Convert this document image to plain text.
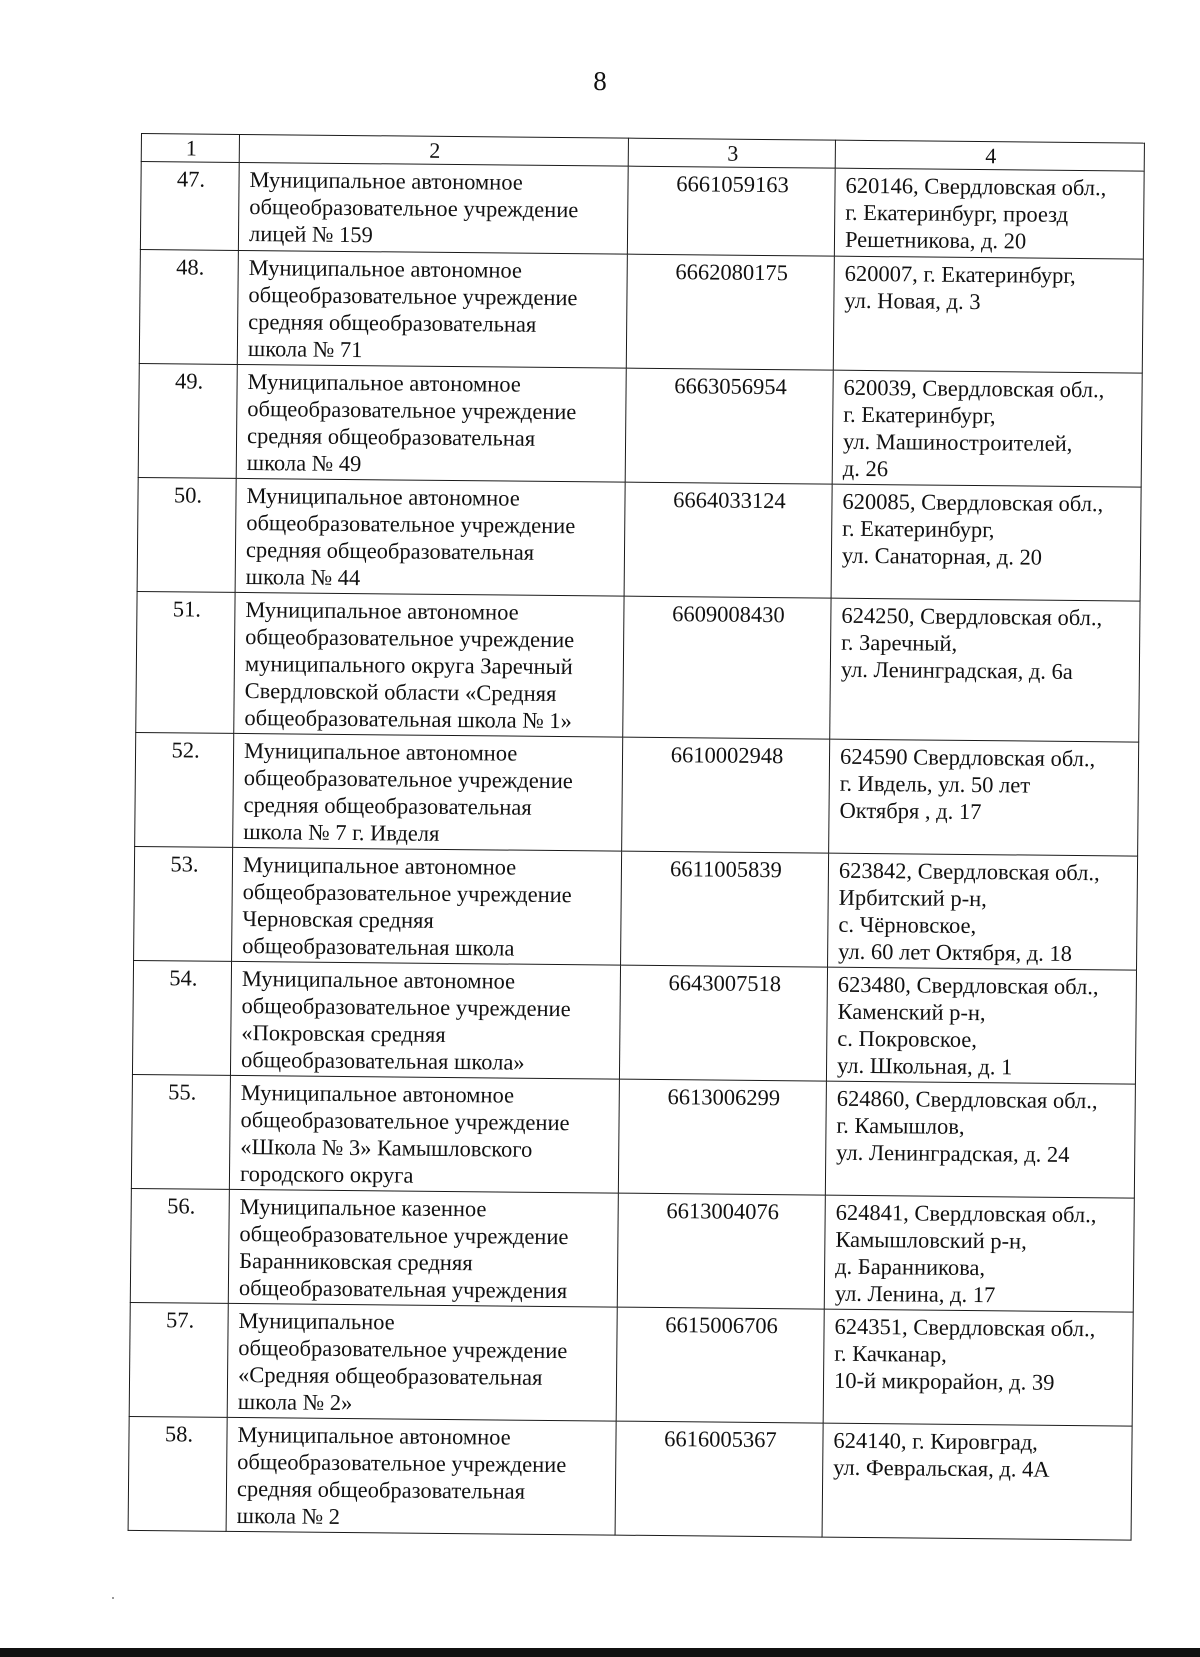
8
1	2	3	4
47.	Муниципальное автономное
общеобразовательное учреждение
лицей № 159	6661059163	620146, Свердловская обл.,
г. Екатеринбург, проезд
Решетникова, д. 20
48.	Муниципальное автономное
общеобразовательное учреждение
средняя общеобразовательная
школа № 71	6662080175	620007, г. Екатеринбург,
ул. Новая, д. 3
49.	Муниципальное автономное
общеобразовательное учреждение
средняя общеобразовательная
школа № 49	6663056954	620039, Свердловская обл.,
г. Екатеринбург,
ул. Машиностроителей,
д. 26
50.	Муниципальное автономное
общеобразовательное учреждение
средняя общеобразовательная
школа № 44	6664033124	620085, Свердловская обл.,
г. Екатеринбург,
ул. Санаторная, д. 20
51.	Муниципальное автономное
общеобразовательное учреждение
муниципального округа Заречный
Свердловской области «Средняя
общеобразовательная школа № 1»	6609008430	624250, Свердловская обл.,
г. Заречный,
ул. Ленинградская, д. 6а
52.	Муниципальное автономное
общеобразовательное учреждение
средняя общеобразовательная
школа № 7 г. Ивделя	6610002948	624590 Свердловская обл.,
г. Ивдель, ул. 50 лет
Октября , д. 17
53.	Муниципальное автономное
общеобразовательное учреждение
Черновская средняя
общеобразовательная школа	6611005839	623842, Свердловская обл.,
Ирбитский р-н,
с. Чёрновское,
ул. 60 лет Октября, д. 18
54.	Муниципальное автономное
общеобразовательное учреждение
«Покровская средняя
общеобразовательная школа»	6643007518	623480, Свердловская обл.,
Каменский р-н,
с. Покровское,
ул. Школьная, д. 1
55.	Муниципальное автономное
общеобразовательное учреждение
«Школа № 3» Камышловского
городского округа	6613006299	624860, Свердловская обл.,
г. Камышлов,
ул. Ленинградская, д. 24
56.	Муниципальное казенное
общеобразовательное учреждение
Баранниковская средняя
общеобразовательная учреждения	6613004076	624841, Свердловская обл.,
Камышловский р-н,
д. Баранникова,
ул. Ленина, д. 17
57.	Муниципальное
общеобразовательное учреждение
«Средняя общеобразовательная
школа № 2»	6615006706	624351, Свердловская обл.,
г. Качканар,
10-й микрорайон, д. 39
58.	Муниципальное автономное
общеобразовательное учреждение
средняя общеобразовательная
школа № 2	6616005367	624140, г. Кировград,
ул. Февральская, д. 4А
